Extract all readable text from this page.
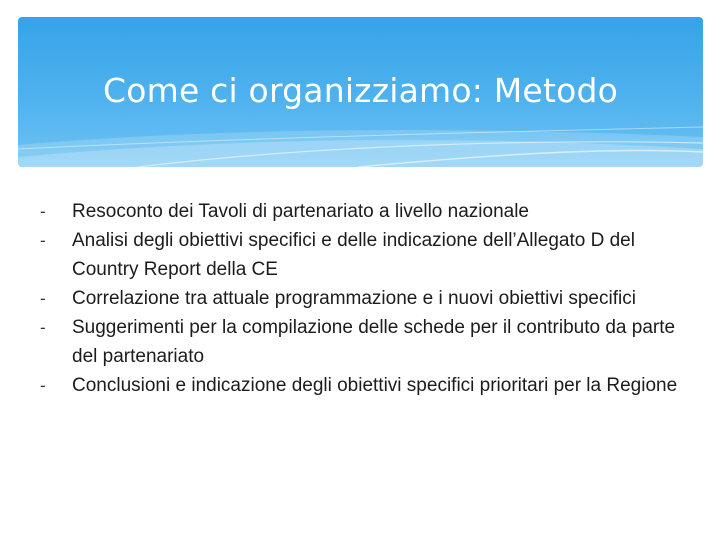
Come ci organizziamo: Metodo
- Resoconto dei Tavoli di partenariato a livello nazionale
- Analisi degli obiettivi specifici e delle indicazione dell’Allegato D del Country Report della CE
- Correlazione tra attuale programmazione e i nuovi obiettivi specifici
- Suggerimenti per la compilazione delle schede per il contributo da parte del partenariato
- Conclusioni e indicazione degli obiettivi specifici prioritari per la Regione
